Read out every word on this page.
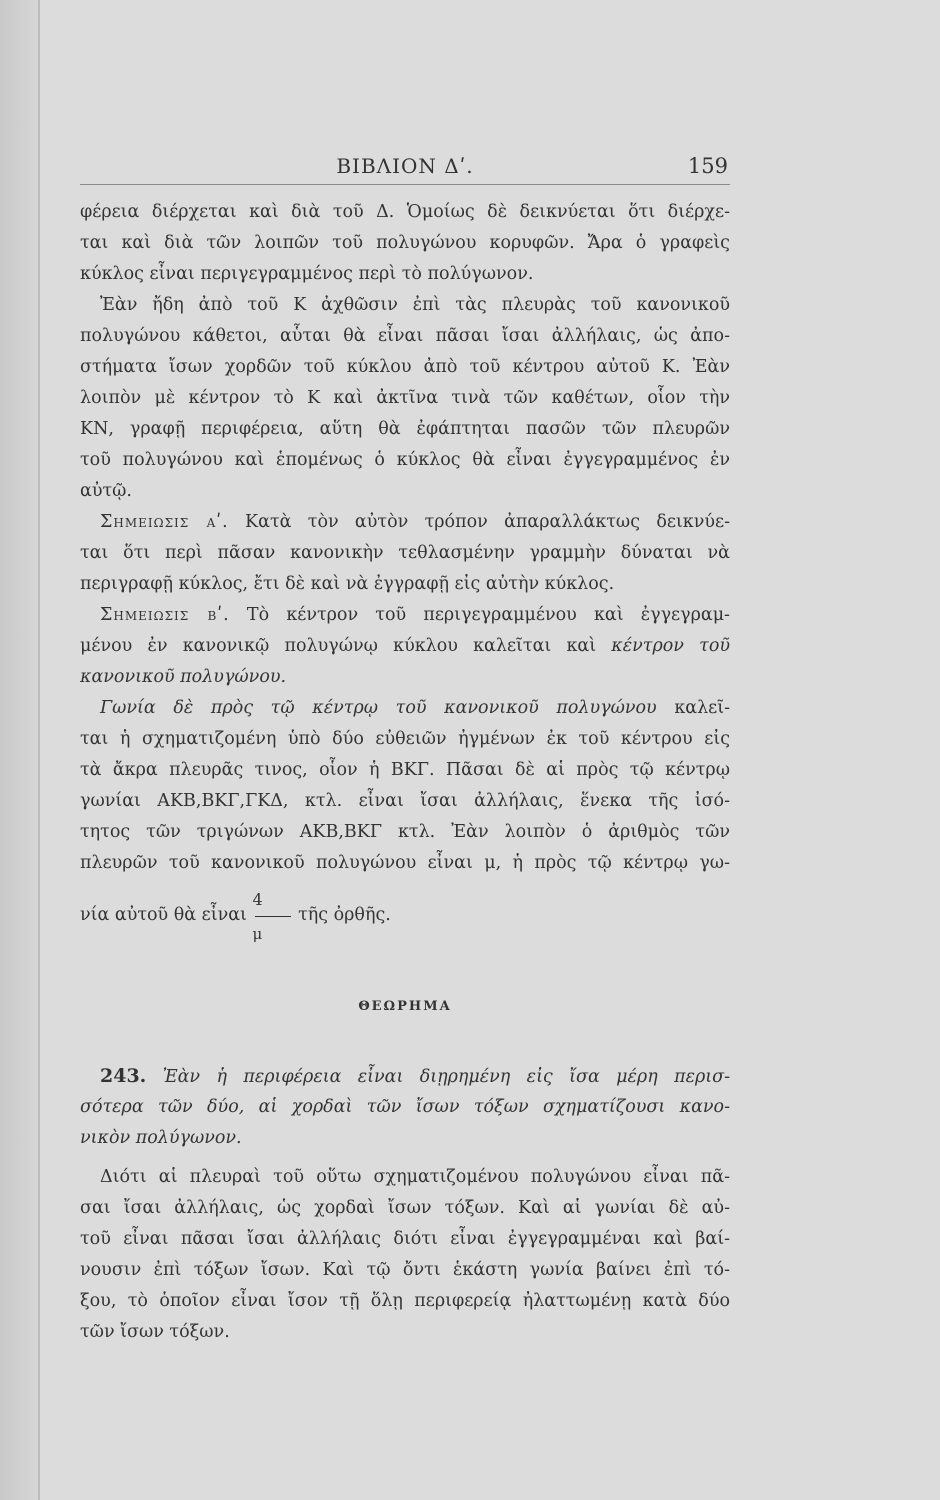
ΒΙΒΛΙΟΝ Δʹ.	159
φέρεια διέρχεται καὶ διὰ τοῦ Δ. Ὁμοίως δὲ δεικνύεται ὅτι διέρχε-
ται καὶ διὰ τῶν λοιπῶν τοῦ πολυγώνου κορυφῶν. Ἄρα ὁ γραφεὶς
κύκλος εἶναι περιγεγραμμένος περὶ τὸ πολύγωνον.
Ἐὰν ἤδη ἀπὸ τοῦ Κ ἀχθῶσιν ἐπὶ τὰς πλευρὰς τοῦ κανονικοῦ
πολυγώνου κάθετοι, αὗται θὰ εἶναι πᾶσαι ἴσαι ἀλλήλαις, ὡς ἀπο-
στήματα ἴσων χορδῶν τοῦ κύκλου ἀπὸ τοῦ κέντρου αὐτοῦ Κ. Ἐὰν
λοιπὸν μὲ κέντρον τὸ Κ καὶ ἀκτῖνα τινὰ τῶν καθέτων, οἷον τὴν
ΚΝ, γραφῇ περιφέρεια, αὕτη θὰ ἐφάπτηται πασῶν τῶν πλευρῶν
τοῦ πολυγώνου καὶ ἑπομένως ὁ κύκλος θὰ εἶναι ἐγγεγραμμένος ἐν
αὐτῷ.
Σημειωσις αʹ. Κατὰ τὸν αὐτὸν τρόπον ἀπαραλλάκτως δεικνύε-
ται ὅτι περὶ πᾶσαν κανονικὴν τεθλασμένην γραμμὴν δύναται νὰ
περιγραφῇ κύκλος, ἔτι δὲ καὶ νὰ ἐγγραφῇ εἰς αὐτὴν κύκλος.
Σημειωσις βʹ. Τὸ κέντρον τοῦ περιγεγραμμένου καὶ ἐγγεγραμ-
μένου ἐν κανονικῷ πολυγώνῳ κύκλου καλεῖται καὶ κέντρον τοῦ
κανονικοῦ πολυγώνου.
Γωνία δὲ πρὸς τῷ κέντρῳ τοῦ κανονικοῦ πολυγώνου καλεῖ-
ται ἡ σχηματιζομένη ὑπὸ δύο εὐθειῶν ἠγμένων ἐκ τοῦ κέντρου εἰς
τὰ ἄκρα πλευρᾶς τινος, οἷον ἡ ΒΚΓ. Πᾶσαι δὲ αἱ πρὸς τῷ κέντρῳ
γωνίαι ΑΚΒ,ΒΚΓ,ΓΚΔ, κτλ. εἶναι ἴσαι ἀλλήλαις, ἕνεκα τῆς ἰσό-
τητος τῶν τριγώνων ΑΚΒ,ΒΚΓ κτλ. Ἐὰν λοιπὸν ὁ ἀριθμὸς τῶν
πλευρῶν τοῦ κανονικοῦ πολυγώνου εἶναι μ, ἡ πρὸς τῷ κέντρῳ γω-
νία αὐτοῦ θὰ εἶναι
4
μ
τῆς ὀρθῆς.
ΘΕΩΡΗΜΑ
243. Ἐὰν ἡ περιφέρεια εἶναι διῃρημένη εἰς ἴσα μέρη περισ-
σότερα τῶν δύο, αἱ χορδαὶ τῶν ἴσων τόξων σχηματίζουσι κανο-
νικὸν πολύγωνον.
Διότι αἱ πλευραὶ τοῦ οὕτω σχηματιζομένου πολυγώνου εἶναι πᾶ-
σαι ἴσαι ἀλλήλαις, ὡς χορδαὶ ἴσων τόξων. Καὶ αἱ γωνίαι δὲ αὐ-
τοῦ εἶναι πᾶσαι ἴσαι ἀλλήλαις διότι εἶναι ἐγγεγραμμέναι καὶ βαί-
νουσιν ἐπὶ τόξων ἴσων. Καὶ τῷ ὄντι ἑκάστη γωνία βαίνει ἐπὶ τό-
ξου, τὸ ὁποῖον εἶναι ἴσον τῇ ὅλῃ περιφερείᾳ ἠλαττωμένῃ κατὰ δύο
τῶν ἴσων τόξων.
